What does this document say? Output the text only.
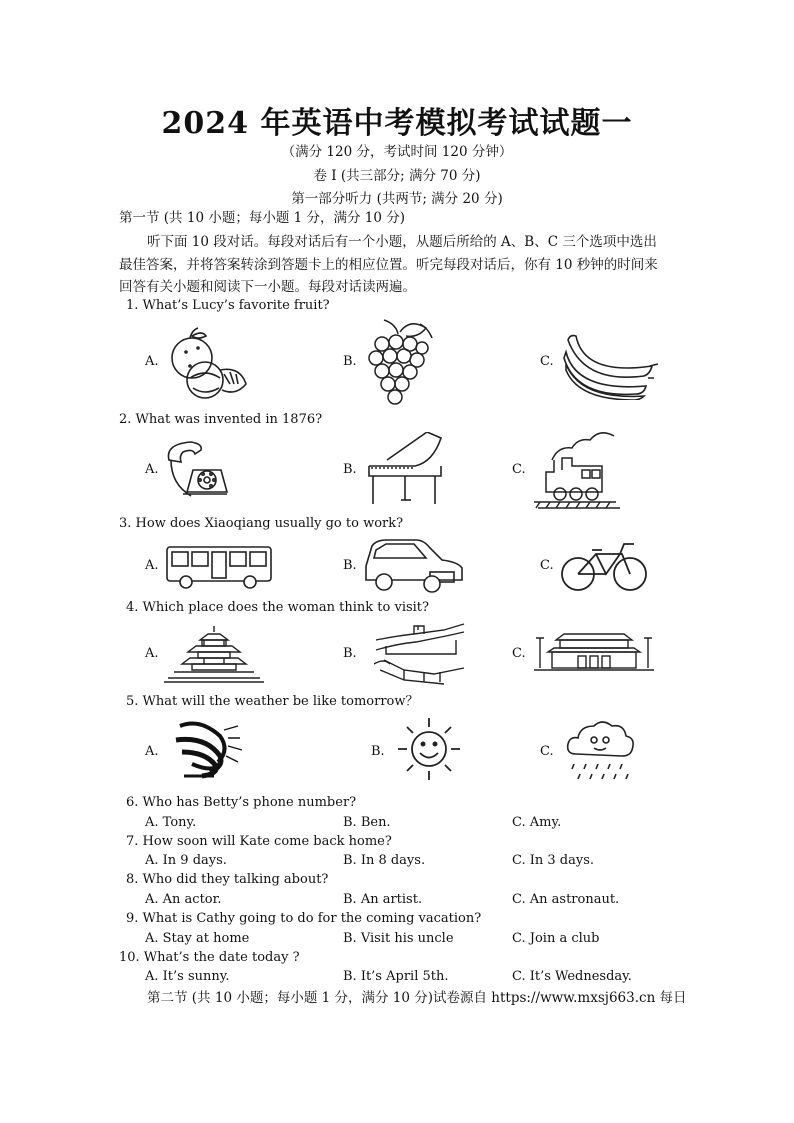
2024 年英语中考模拟考试试题一
（满分 120 分，考试时间 120 分钟）
卷 I (共三部分; 满分 70 分)
第一部分听力 (共两节; 满分 20 分)
第一节 (共 10 小题；每小题 1 分，满分 10 分)
听下面 10 段对话。每段对话后有一个小题，从题后所给的 A、B、C 三个选项中选出
最佳答案，并将答案转涂到答题卡上的相应位置。听完每段对话后，你有 10 秒钟的时间来
回答有关小题和阅读下一小题。每段对话读两遍。
1. What’s Lucy’s favorite fruit?
A.	B.	C.
2. What was invented in 1876?
A.	B.	C.
3. How does Xiaoqiang usually go to work?
A.	B.	C.
4. Which place does the woman think to visit?
A.	B.	C.
5. What will the weather be like tomorrow？
A.	B.	C.
6. Who has Betty’s phone number?
A. Tony.	B. Ben.	C. Amy.
7. How soon will Kate come back home?
A. In 9 days.	B. In 8 days.	C. In 3 days.
8. Who did they talking about?
A. An actor.	B. An artist.	C. An astronaut.
9. What is Cathy going to do for the coming vacation?
A. Stay at home	B. Visit his uncle	C. Join a club
10. What’s the date today ?
A. It’s sunny.	B. It’s April 5th.	C. It’s Wednesday.
第二节 (共 10 小题；每小题 1 分，满分 10 分)试卷源自 https://www.mxsj663.cn 每日
